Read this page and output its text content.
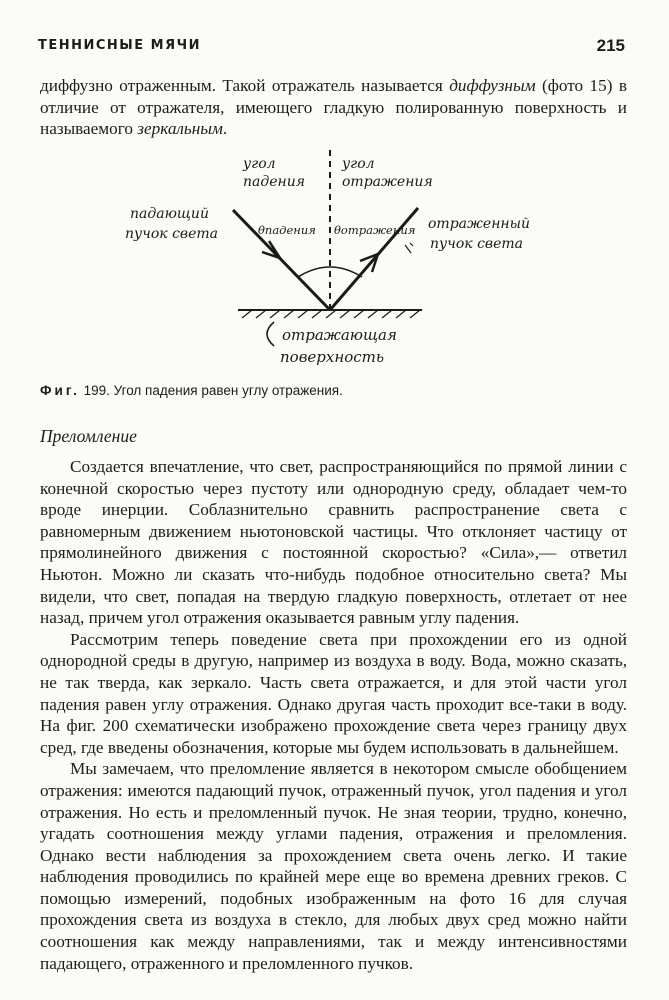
ТЕННИСНЫЕ МЯЧИ	215

диффузно отраженным. Такой отражатель называется диффузным (фото 15) в отличие от отражателя, имеющего гладкую полированную поверхность и называемого зеркальным.

угол
падения
угол
отражения
падающий
пучок света
отраженный
пучок света
θпадения θотражения
отражающая
поверхность
Фиг. 199. Угол падения равен углу отражения.
Преломление

Создается впечатление, что свет, распространяющийся по прямой линии с конечной скоростью через пустоту или однородную среду, обладает чем-то вроде инерции. Соблазнительно сравнить распространение света с равномерным движением ньютоновской частицы. Что отклоняет частицу от прямолинейного движения с постоянной скоростью? «Сила»,— ответил Ньютон. Можно ли сказать что-нибудь подобное относительно света? Мы видели, что свет, попадая на твердую гладкую поверхность, отлетает от нее назад, причем угол отражения оказывается равным углу падения.

Рассмотрим теперь поведение света при прохождении его из одной однородной среды в другую, например из воздуха в воду. Вода, можно сказать, не так тверда, как зеркало. Часть света отражается, и для этой части угол падения равен углу отражения. Однако другая часть проходит все-таки в воду. На фиг. 200 схематически изображено прохождение света через границу двух сред, где введены обозначения, которые мы будем использовать в дальнейшем.

Мы замечаем, что преломление является в некотором смысле обобщением отражения: имеются падающий пучок, отраженный пучок, угол падения и угол отражения. Но есть и преломленный пучок. Не зная теории, трудно, конечно, угадать соотношения между углами падения, отражения и преломления. Однако вести наблюдения за прохождением света очень легко. И такие наблюдения проводились по крайней мере еще во времена древних греков. С помощью измерений, подобных изображенным на фото 16 для случая прохождения света из воздуха в стекло, для любых двух сред можно найти соотношения как между направлениями, так и между интенсивностями падающего, отраженного и преломленного пучков.
